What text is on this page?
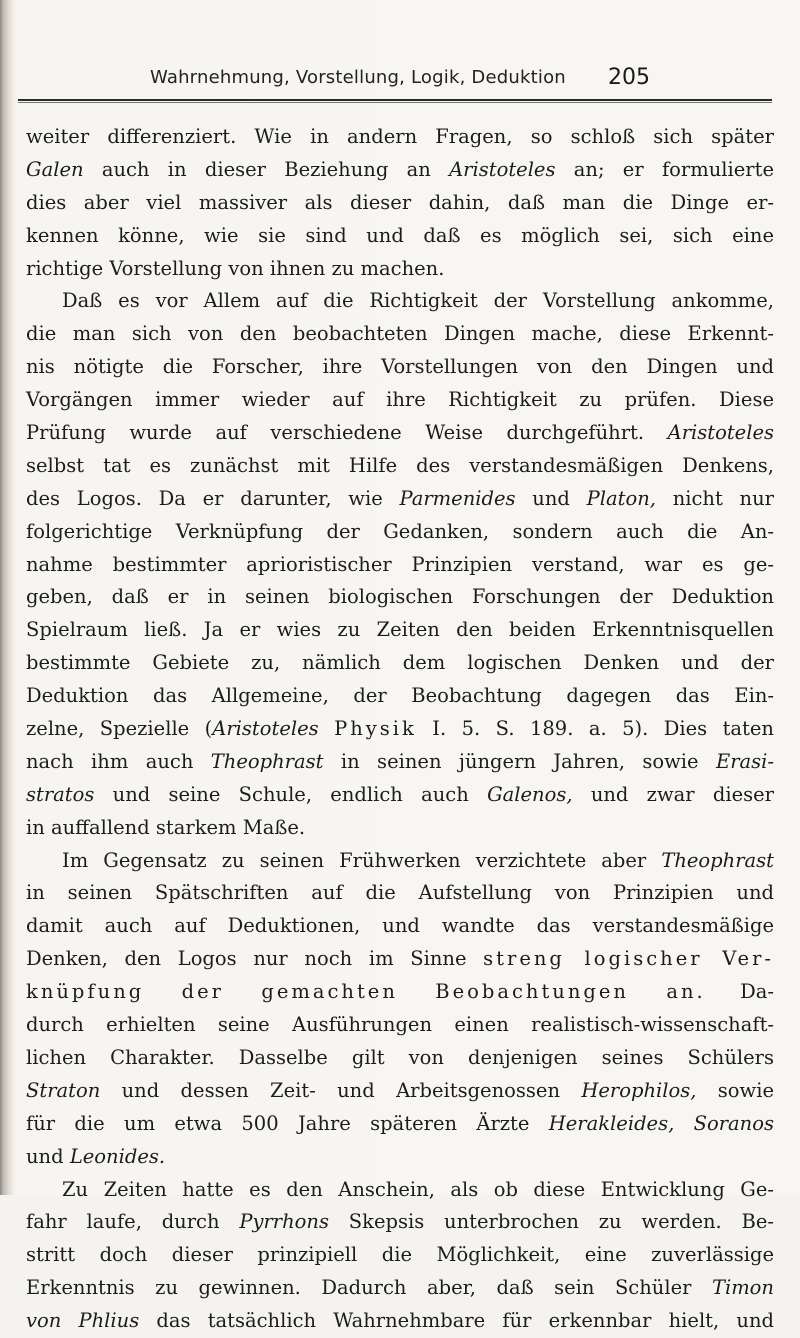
Wahrnehmung, Vorstellung, Logik, Deduktion 205
weiter differenziert. Wie in andern Fragen, so schloß sich später
Galen auch in dieser Beziehung an Aristoteles an; er formulierte
dies aber viel massiver als dieser dahin, daß man die Dinge er-
kennen könne, wie sie sind und daß es möglich sei, sich eine
richtige Vorstellung von ihnen zu machen.
Daß es vor Allem auf die Richtigkeit der Vorstellung ankomme,
die man sich von den beobachteten Dingen mache, diese Erkennt-
nis nötigte die Forscher, ihre Vorstellungen von den Dingen und
Vorgängen immer wieder auf ihre Richtigkeit zu prüfen. Diese
Prüfung wurde auf verschiedene Weise durchgeführt. Aristoteles
selbst tat es zunächst mit Hilfe des verstandesmäßigen Denkens,
des Logos. Da er darunter, wie Parmenides und Platon, nicht nur
folgerichtige Verknüpfung der Gedanken, sondern auch die An-
nahme bestimmter aprioristischer Prinzipien verstand, war es ge-
geben, daß er in seinen biologischen Forschungen der Deduktion
Spielraum ließ. Ja er wies zu Zeiten den beiden Erkenntnisquellen
bestimmte Gebiete zu, nämlich dem logischen Denken und der
Deduktion das Allgemeine, der Beobachtung dagegen das Ein-
zelne, Spezielle (Aristoteles Physik I. 5. S. 189. a. 5). Dies taten
nach ihm auch Theophrast in seinen jüngern Jahren, sowie Erasi-
stratos und seine Schule, endlich auch Galenos, und zwar dieser
in auffallend starkem Maße.
Im Gegensatz zu seinen Frühwerken verzichtete aber Theophrast
in seinen Spätschriften auf die Aufstellung von Prinzipien und
damit auch auf Deduktionen, und wandte das verstandesmäßige
Denken, den Logos nur noch im Sinne streng logischer Ver-
knüpfung der gemachten Beobachtungen an. Da-
durch erhielten seine Ausführungen einen realistisch-wissenschaft-
lichen Charakter. Dasselbe gilt von denjenigen seines Schülers
Straton und dessen Zeit- und Arbeitsgenossen Herophilos, sowie
für die um etwa 500 Jahre späteren Ärzte Herakleides, Soranos
und Leonides.
Zu Zeiten hatte es den Anschein, als ob diese Entwicklung Ge-
fahr laufe, durch Pyrrhons Skepsis unterbrochen zu werden. Be-
stritt doch dieser prinzipiell die Möglichkeit, eine zuverlässige
Erkenntnis zu gewinnen. Dadurch aber, daß sein Schüler Timon
von Phlius das tatsächlich Wahrnehmbare für erkennbar hielt, und
